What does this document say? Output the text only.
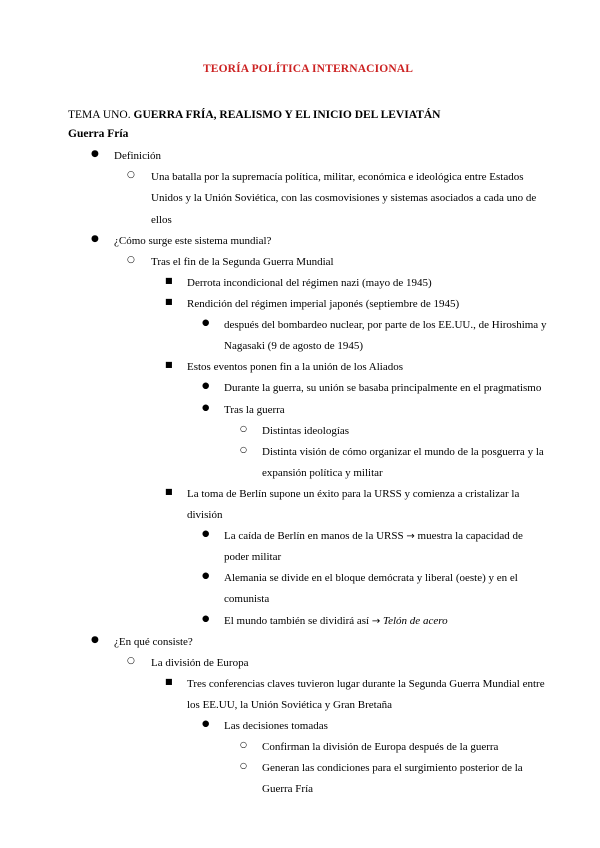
TEORÍA POLÍTICA INTERNACIONAL

TEMA UNO. GUERRA FRÍA, REALISMO Y EL INICIO DEL LEVIATÁN

Guerra Fría

●	Definición
○	Una batalla por la supremacía política, militar, económica e ideológica entre Estados Unidos y la Unión Soviética, con las cosmovisiones y sistemas asociados a cada uno de ellos
●	¿Cómo surge este sistema mundial?
○	Tras el fin de la Segunda Guerra Mundial
■	Derrota incondicional del régimen nazi (mayo de 1945)
■	Rendición del régimen imperial japonés (septiembre de 1945)
●	después del bombardeo nuclear, por parte de los EE.UU., de Hiroshima y Nagasaki (9 de agosto de 1945)
■	Estos eventos ponen fin a la unión de los Aliados
●	Durante la guerra, su unión se basaba principalmente en el pragmatismo
●	Tras la guerra
○	Distintas ideologías
○	Distinta visión de cómo organizar el mundo de la posguerra y la expansión política y militar
■	La toma de Berlín supone un éxito para la URSS y comienza a cristalizar la división
●	La caída de Berlín en manos de la URSS → muestra la capacidad de poder militar
●	Alemania se divide en el bloque demócrata y liberal (oeste) y en el comunista
●	El mundo también se dividirá así → Telón de acero
●	¿En qué consiste?
○	La división de Europa
■	Tres conferencias claves tuvieron lugar durante la Segunda Guerra Mundial entre los EE.UU, la Unión Soviética y Gran Bretaña
●	Las decisiones tomadas
○	Confirman la división de Europa después de la guerra
○	Generan las condiciones para el surgimiento posterior de la Guerra Fría
